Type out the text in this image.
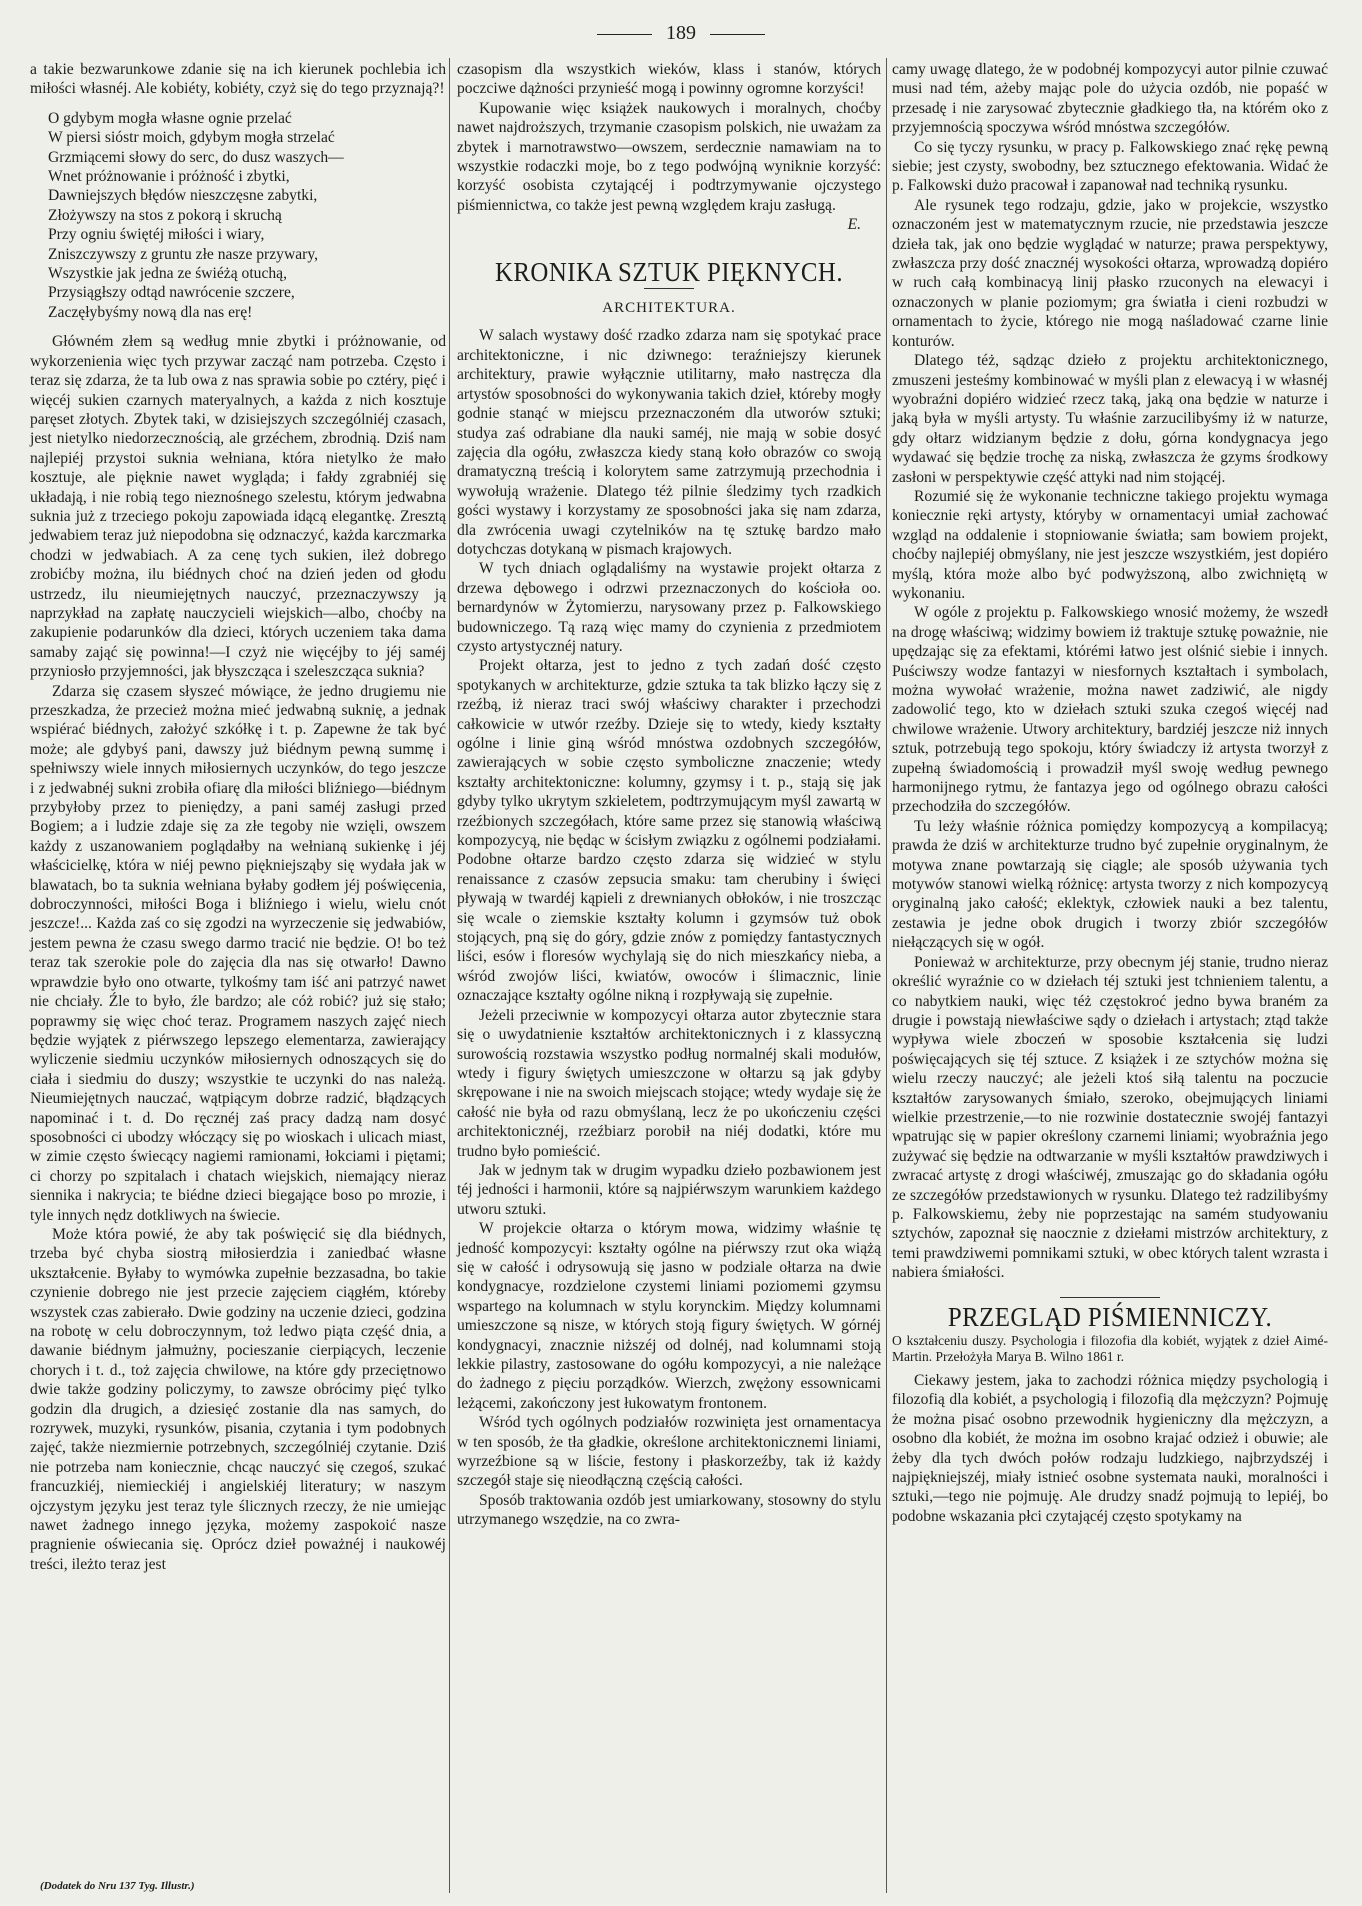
189

a takie bezwarunkowe zdanie się na ich kierunek pochlebia ich miłości własnéj. Ale kobiéty, kobiéty, czyż się do tego przyznają?!

O gdybym mogła własne ognie przelać
W piersi sióstr moich, gdybym mogła strzelać
Grzmiącemi słowy do serc, do dusz waszych—
Wnet próżnowanie i próżność i zbytki,
Dawniejszych błędów nieszczęsne zabytki,
Złożywszy na stos z pokorą i skruchą
Przy ogniu świętéj miłości i wiary,
Zniszczywszy z gruntu złe nasze przywary,
Wszystkie jak jedna ze świéżą otuchą,
Przysiągłszy odtąd nawrócenie szczere,
Zaczęłybyśmy nową dla nas erę!

Główném złem są według mnie zbytki i próżnowanie, od wykorzenienia więc tych przywar zacząć nam potrzeba. Często i teraz się zdarza, że ta lub owa z nas sprawia sobie po cztéry, pięć i więcéj sukien czarnych materyalnych, a każda z nich kosztuje paręset złotych. Zbytek taki, w dzisiejszych szczególniéj czasach, jest nietylko niedorzecznością, ale grzéchem, zbrodnią. Dziś nam najlepiéj przystoi suknia wełniana, która nietylko że mało kosztuje, ale pięknie nawet wygląda; i fałdy zgrabniéj się układają, i nie robią tego nieznośnego szelestu, którym jedwabna suknia już z trzeciego pokoju zapowiada idącą elegantkę. Zresztą jedwabiem teraz już niepodobna się odznaczyć, każda karczmarka chodzi w jedwabiach. A za cenę tych sukien, ileż dobrego zrobićby można, ilu biédnych choć na dzień jeden od głodu ustrzedz, ilu nieumiejętnych nauczyć, przeznaczywszy ją naprzykład na zapłatę nauczycieli wiejskich—albo, choćby na zakupienie podarunków dla dzieci, których uczeniem taka dama samaby zająć się powinna!—I czyż nie więcéjby to jéj saméj przyniosło przyjemności, jak błyszcząca i szeleszcząca suknia?

Zdarza się czasem słyszeć mówiące, że jedno drugiemu nie przeszkadza, że przecież można mieć jedwabną suknię, a jednak wspiérać biédnych, założyć szkółkę i t. p. Zapewne że tak być może; ale gdybyś pani, dawszy już biédnym pewną summę i spełniwszy wiele innych miłosiernych uczynków, do tego jeszcze i z jedwabnéj sukni zrobiła ofiarę dla miłości bliźniego—biédnym przybyłoby przez to pieniędzy, a pani saméj zasługi przed Bogiem; a i ludzie zdaje się za złe tegoby nie wzięli, owszem każdy z uszanowaniem poglądałby na wełnianą sukienkę i jéj właścicielkę, która w niéj pewno piękniejsząby się wydała jak w blawatach, bo ta suknia wełniana byłaby godłem jéj poświęcenia, dobroczynności, miłości Boga i bliźniego i wielu, wielu cnót jeszcze!... Każda zaś co się zgodzi na wyrzeczenie się jedwabiów, jestem pewna że czasu swego darmo tracić nie będzie. O! bo też teraz tak szerokie pole do zajęcia dla nas się otwarło! Dawno wprawdzie było ono otwarte, tylkośmy tam iść ani patrzyć nawet nie chciały. Źle to było, źle bardzo; ale cóż robić? już się stało; poprawmy się więc choć teraz. Programem naszych zajęć niech będzie wyjątek z piérwszego lepszego elementarza, zawierający wyliczenie siedmiu uczynków miłosiernych odnoszących się do ciała i siedmiu do duszy; wszystkie te uczynki do nas należą. Nieumiejętnych nauczać, wątpiącym dobrze radzić, błądzących napominać i t. d. Do ręcznéj zaś pracy dadzą nam dosyć sposobności ci ubodzy włóczący się po wioskach i ulicach miast, w zimie często świecący nagiemi ramionami, łokciami i piętami; ci chorzy po szpitalach i chatach wiejskich, niemający nieraz siennika i nakrycia; te biédne dzieci biegające boso po mrozie, i tyle innych nędz dotkliwych na świecie.

Może która powié, że aby tak poświęcić się dla biédnych, trzeba być chyba siostrą miłosierdzia i zaniedbać własne ukształcenie. Byłaby to wymówka zupełnie bezzasadna, bo takie czynienie dobrego nie jest przecie zajęciem ciągłém, któreby wszystek czas zabierało. Dwie godziny na uczenie dzieci, godzina na robotę w celu dobroczynnym, toż ledwo piąta część dnia, a dawanie biédnym jałmużny, pocieszanie cierpiących, leczenie chorych i t. d., toż zajęcia chwilowe, na które gdy przeciętnowo dwie także godziny policzymy, to zawsze obrócimy pięć tylko godzin dla drugich, a dziesięć zostanie dla nas samych, do rozrywek, muzyki, rysunków, pisania, czytania i tym podobnych zajęć, także niezmiernie potrzebnych, szczególniéj czytanie. Dziś nie potrzeba nam koniecznie, chcąc nauczyć się czegoś, szukać francuzkiéj, niemieckiéj i angielskiéj literatury; w naszym ojczystym języku jest teraz tyle ślicznych rzeczy, że nie umiejąc nawet żadnego innego języka, możemy zaspokoić nasze pragnienie oświecania się. Oprócz dzieł poważnéj i naukowéj treści, ileżto teraz jest

czasopism dla wszystkich wieków, klass i stanów, których poczciwe dążności przynieść mogą i powinny ogromne korzyści!

Kupowanie więc książek naukowych i moralnych, choćby nawet najdroższych, trzymanie czasopism polskich, nie uważam za zbytek i marnotrawstwo—owszem, serdecznie namawiam na to wszystkie rodaczki moje, bo z tego podwójną wyniknie korzyść: korzyść osobista czytającéj i podtrzymywanie ojczystego piśmiennictwa, co także jest pewną względem kraju zasługą.

E.
KRONIKA SZTUK PIĘKNYCH.
ARCHITEKTURA.

W salach wystawy dość rzadko zdarza nam się spotykać prace architektoniczne, i nic dziwnego: teraźniejszy kierunek architektury, prawie wyłącznie utilitarny, mało nastręcza dla artystów sposobności do wykonywania takich dzieł, któreby mogły godnie stanąć w miejscu przeznaczoném dla utworów sztuki; studya zaś odrabiane dla nauki saméj, nie mają w sobie dosyć zajęcia dla ogółu, zwłaszcza kiedy staną koło obrazów co swoją dramatyczną treścią i kolorytem same zatrzymują przechodnia i wywołują wrażenie. Dlatego téż pilnie śledzimy tych rzadkich gości wystawy i korzystamy ze sposobności jaka się nam zdarza, dla zwrócenia uwagi czytelników na tę sztukę bardzo mało dotychczas dotykaną w pismach krajowych.

W tych dniach oglądaliśmy na wystawie projekt ołtarza z drzewa dębowego i odrzwi przeznaczonych do kościoła oo. bernardynów w Żytomierzu, narysowany przez p. Falkowskiego budowniczego. Tą razą więc mamy do czynienia z przedmiotem czysto artystycznéj natury.

Projekt ołtarza, jest to jedno z tych zadań dość często spotykanych w architekturze, gdzie sztuka ta tak blizko łączy się z rzeźbą, iż nieraz traci swój właściwy charakter i przechodzi całkowicie w utwór rzeźby. Dzieje się to wtedy, kiedy kształty ogólne i linie giną wśród mnóstwa ozdobnych szczegółów, zawierających w sobie często symboliczne znaczenie; wtedy kształty architektoniczne: kolumny, gzymsy i t. p., stają się jak gdyby tylko ukrytym szkieletem, podtrzymującym myśl zawartą w rzeźbionych szczegółach, które same przez się stanowią właściwą kompozycyą, nie będąc w ścisłym związku z ogólnemi podziałami. Podobne ołtarze bardzo często zdarza się widzieć w stylu renaissance z czasów zepsucia smaku: tam cherubiny i święci pływają w twardéj kąpieli z drewnianych obłoków, i nie troszcząc się wcale o ziemskie kształty kolumn i gzymsów tuż obok stojących, pną się do góry, gdzie znów z pomiędzy fantastycznych liści, esów i floresów wychylają się do nich mieszkańcy nieba, a wśród zwojów liści, kwiatów, owoców i ślimacznic, linie oznaczające kształty ogólne nikną i rozpływają się zupełnie.

Jeżeli przeciwnie w kompozycyi ołtarza autor zbytecznie stara się o uwydatnienie kształtów architektonicznych i z klassyczną surowością rozstawia wszystko podług normalnéj skali modułów, wtedy i figury świętych umieszczone w ołtarzu są jak gdyby skrępowane i nie na swoich miejscach stojące; wtedy wydaje się że całość nie była od razu obmyślaną, lecz że po ukończeniu części architektonicznéj, rzeźbiarz porobił na niéj dodatki, które mu trudno było pomieścić.

Jak w jednym tak w drugim wypadku dzieło pozbawionem jest téj jedności i harmonii, które są najpiérwszym warunkiem każdego utworu sztuki.

W projekcie ołtarza o którym mowa, widzimy właśnie tę jedność kompozycyi: kształty ogólne na piérwszy rzut oka wiążą się w całość i odrysowują się jasno w podziale ołtarza na dwie kondygnacye, rozdzielone czystemi liniami poziomemi gzymsu wspartego na kolumnach w stylu korynckim. Między kolumnami umieszczone są nisze, w których stoją figury świętych. W górnéj kondygnacyi, znacznie niższéj od dolnéj, nad kolumnami stoją lekkie pilastry, zastosowane do ogółu kompozycyi, a nie należące do żadnego z pięciu porządków. Wierzch, zwężony essownicami leżącemi, zakończony jest łukowatym frontonem.

Wśród tych ogólnych podziałów rozwinięta jest ornamentacya w ten sposób, że tła gładkie, określone architektonicznemi liniami, wyrzeźbione są w liście, festony i płaskorzeźby, tak iż każdy szczegół staje się nieodłączną częścią całości.

Sposób traktowania ozdób jest umiarkowany, stosowny do stylu utrzymanego wszędzie, na co zwra-

camy uwagę dlatego, że w podobnéj kompozycyi autor pilnie czuwać musi nad tém, ażeby mając pole do użycia ozdób, nie popaść w przesadę i nie zarysować zbytecznie gładkiego tła, na którém oko z przyjemnością spoczywa wśród mnóstwa szczegółów.

Co się tyczy rysunku, w pracy p. Falkowskiego znać rękę pewną siebie; jest czysty, swobodny, bez sztucznego efektowania. Widać że p. Falkowski dużo pracował i zapanował nad techniką rysunku.

Ale rysunek tego rodzaju, gdzie, jako w projekcie, wszystko oznaczoném jest w matematycznym rzucie, nie przedstawia jeszcze dzieła tak, jak ono będzie wyglądać w naturze; prawa perspektywy, zwłaszcza przy dość znacznéj wysokości ołtarza, wprowadzą dopiéro w ruch całą kombinacyą linij płasko rzuconych na elewacyi i oznaczonych w planie poziomym; gra światła i cieni rozbudzi w ornamentach to życie, którego nie mogą naśladować czarne linie konturów.

Dlatego téż, sądząc dzieło z projektu architektonicznego, zmuszeni jesteśmy kombinować w myśli plan z elewacyą i w własnéj wyobraźni dopiéro widzieć rzecz taką, jaką ona będzie w naturze i jaką była w myśli artysty. Tu właśnie zarzucilibyśmy iż w naturze, gdy ołtarz widzianym będzie z dołu, górna kondygnacya jego wydawać się będzie trochę za niską, zwłaszcza że gzyms środkowy zasłoni w perspektywie część attyki nad nim stojącéj.

Rozumié się że wykonanie techniczne takiego projektu wymaga koniecznie ręki artysty, któryby w ornamentacyi umiał zachować wzgląd na oddalenie i stopniowanie światła; sam bowiem projekt, choćby najlepiéj obmyślany, nie jest jeszcze wszystkiém, jest dopiéro myślą, która może albo być podwyższoną, albo zwichniętą w wykonaniu.

W ogóle z projektu p. Falkowskiego wnosić możemy, że wszedł na drogę właściwą; widzimy bowiem iż traktuje sztukę poważnie, nie upędzając się za efektami, którémi łatwo jest olśnić siebie i innych. Puściwszy wodze fantazyi w niesfornych kształtach i symbolach, można wywołać wrażenie, można nawet zadziwić, ale nigdy zadowolić tego, kto w dziełach sztuki szuka czegoś więcéj nad chwilowe wrażenie. Utwory architektury, bardziéj jeszcze niż innych sztuk, potrzebują tego spokoju, który świadczy iż artysta tworzył z zupełną świadomością i prowadził myśl swoję według pewnego harmonijnego rytmu, że fantazya jego od ogólnego obrazu całości przechodziła do szczegółów.

Tu leży właśnie różnica pomiędzy kompozycyą a kompilacyą; prawda że dziś w architekturze trudno być zupełnie oryginalnym, że motywa znane powtarzają się ciągle; ale sposób używania tych motywów stanowi wielką różnicę: artysta tworzy z nich kompozycyą oryginalną jako całość; eklektyk, człowiek nauki a bez talentu, zestawia je jedne obok drugich i tworzy zbiór szczegółów niełączących się w ogół.

Ponieważ w architekturze, przy obecnym jéj stanie, trudno nieraz określić wyraźnie co w dziełach téj sztuki jest tchnieniem talentu, a co nabytkiem nauki, więc téż częstokroć jedno bywa braném za drugie i powstają niewłaściwe sądy o dziełach i artystach; ztąd także wypływa wiele zboczeń w sposobie kształcenia się ludzi poświęcających się téj sztuce. Z książek i ze sztychów można się wielu rzeczy nauczyć; ale jeżeli ktoś siłą talentu na poczucie kształtów zarysowanych śmiało, szeroko, obejmujących liniami wielkie przestrzenie,—to nie rozwinie dostatecznie swojéj fantazyi wpatrując się w papier określony czarnemi liniami; wyobraźnia jego zużywać się będzie na odtwarzanie w myśli kształtów prawdziwych i zwracać artystę z drogi właściwéj, zmuszając go do składania ogółu ze szczegółów przedstawionych w rysunku. Dlatego też radzilibyśmy p. Falkowskiemu, żeby nie poprzestając na samém studyowaniu sztychów, zapoznał się naocznie z dziełami mistrzów architektury, z temi prawdziwemi pomnikami sztuki, w obec których talent wzrasta i nabiera śmiałości.

PRZEGLĄD PIŚMIENNICZY.

O kształceniu duszy. Psychologia i filozofia dla kobiét, wyjątek z dzieł Aimé-Martin. Przełożyła Marya B. Wilno 1861 r.

Ciekawy jestem, jaka to zachodzi różnica między psychologią i filozofią dla kobiét, a psychologią i filozofią dla mężczyzn? Pojmuję że można pisać osobno przewodnik hygieniczny dla mężczyzn, a osobno dla kobiét, że można im osobno krajać odzież i obuwie; ale żeby dla tych dwóch połów rodzaju ludzkiego, najbrzydszéj i najpiękniejszéj, miały istnieć osobne systemata nauki, moralności i sztuki,—tego nie pojmuję. Ale drudzy snadź pojmują to lepiéj, bo podobne wskazania płci czytającéj często spotykamy na

(Dodatek do Nru 137 Tyg. Illustr.)
